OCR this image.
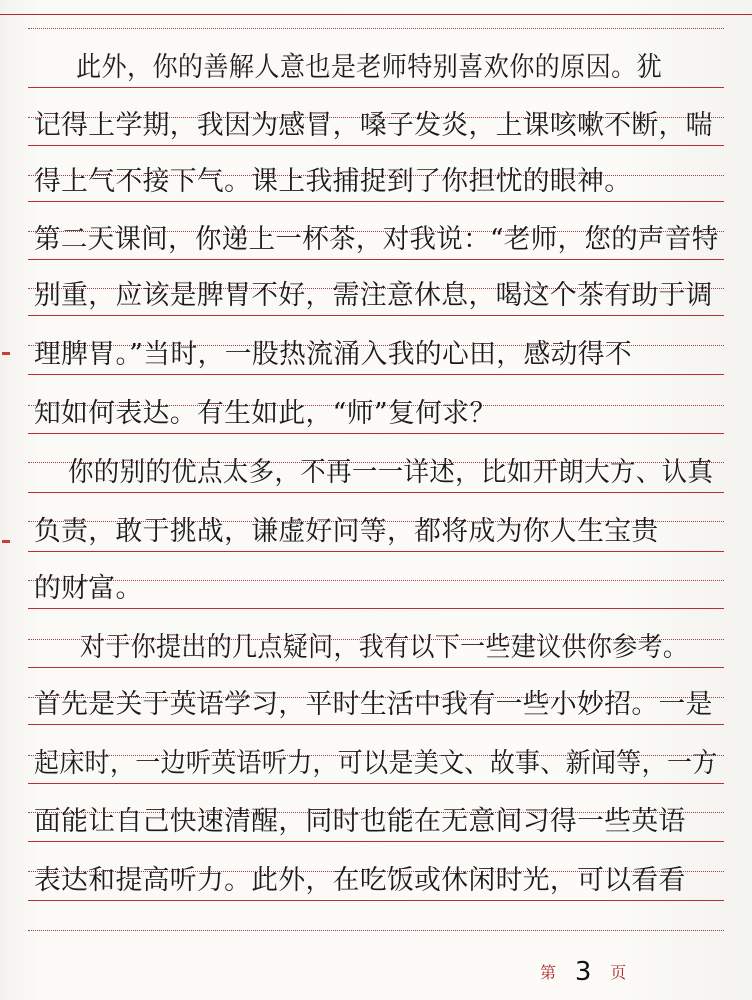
此外，你的善解人意也是老师特别喜欢你的原因。犹
记得上学期，我因为感冒，嗓子发炎，上课咳嗽不断，喘
得上气不接下气。课上我捕捉到了你担忧的眼神。
第二天课间，你递上一杯茶，对我说：“老师，您的声音特
别重，应该是脾胃不好，需注意休息，喝这个茶有助于调
理脾胃。”当时，一股热流涌入我的心田，感动得不
知如何表达。有生如此，“师”复何求？
你的别的优点太多，不再一一详述，比如开朗大方、认真
负责，敢于挑战，谦虚好问等，都将成为你人生宝贵
的财富。
对于你提出的几点疑问，我有以下一些建议供你参考。
首先是关于英语学习，平时生活中我有一些小妙招。一是
起床时，一边听英语听力，可以是美文、故事、新闻等，一方
面能让自己快速清醒，同时也能在无意间习得一些英语
表达和提高听力。此外，在吃饭或休闲时光，可以看看
第 3 页
